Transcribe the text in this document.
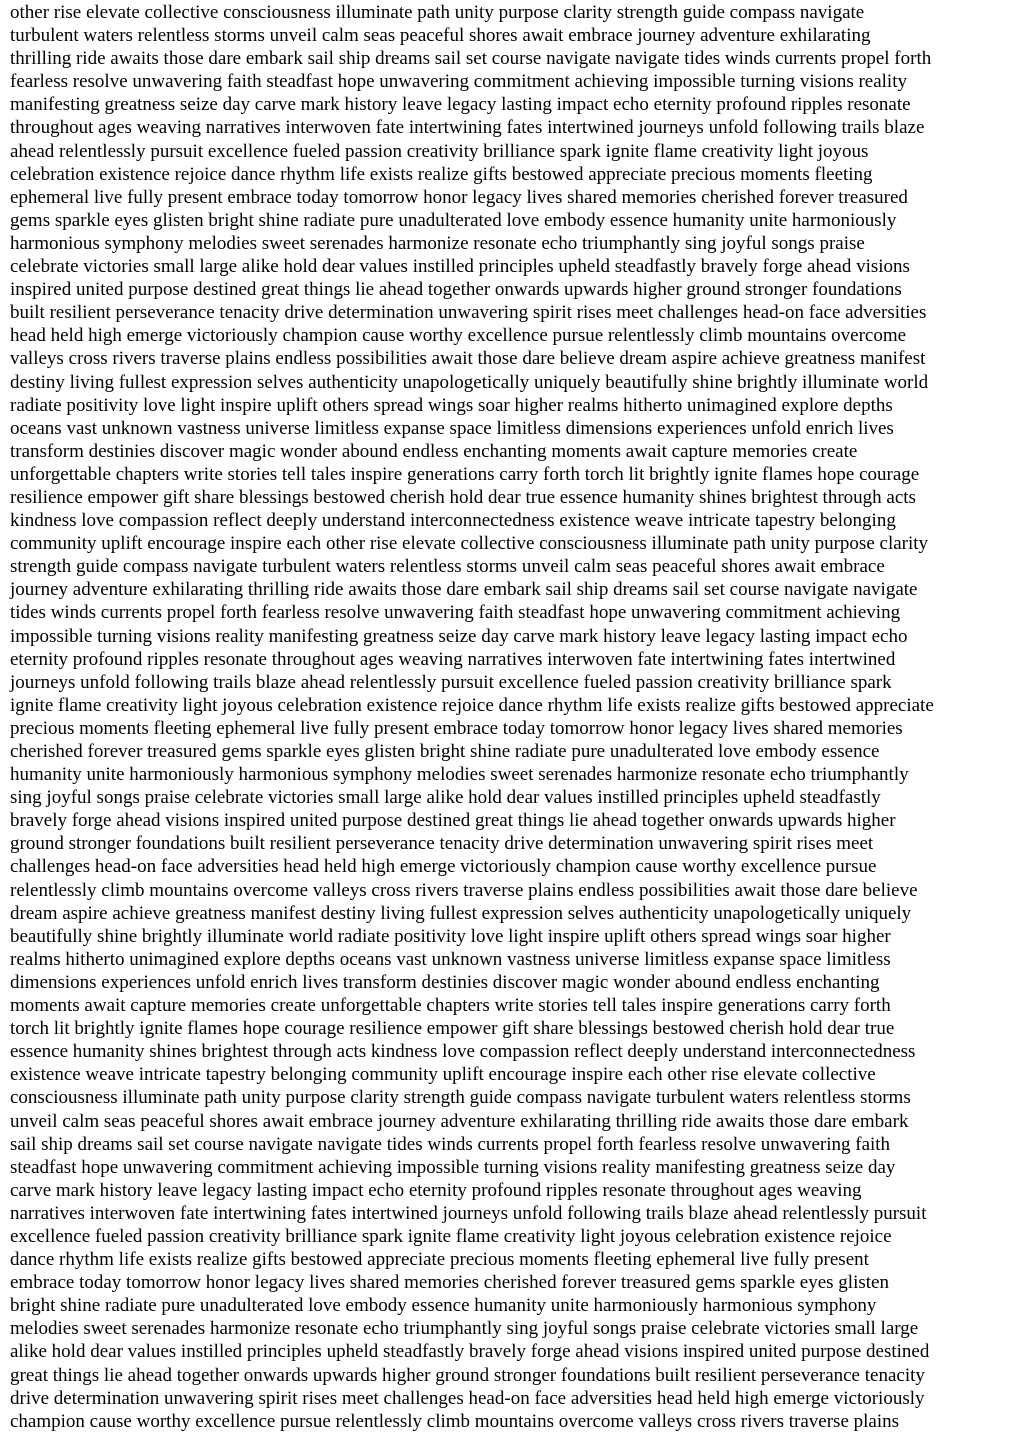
other rise elevate collective consciousness illuminate path unity purpose clarity strength guide compass navigate
turbulent waters relentless storms unveil calm seas peaceful shores await embrace journey adventure exhilarating
thrilling ride awaits those dare embark sail ship dreams sail set course navigate navigate tides winds currents propel forth
fearless resolve unwavering faith steadfast hope unwavering commitment achieving impossible turning visions reality
manifesting greatness seize day carve mark history leave legacy lasting impact echo eternity profound ripples resonate
throughout ages weaving narratives interwoven fate intertwining fates intertwined journeys unfold following trails blaze
ahead relentlessly pursuit excellence fueled passion creativity brilliance spark ignite flame creativity light joyous
celebration existence rejoice dance rhythm life exists realize gifts bestowed appreciate precious moments fleeting
ephemeral live fully present embrace today tomorrow honor legacy lives shared memories cherished forever treasured
gems sparkle eyes glisten bright shine radiate pure unadulterated love embody essence humanity unite harmoniously
harmonious symphony melodies sweet serenades harmonize resonate echo triumphantly sing joyful songs praise
celebrate victories small large alike hold dear values instilled principles upheld steadfastly bravely forge ahead visions
inspired united purpose destined great things lie ahead together onwards upwards higher ground stronger foundations
built resilient perseverance tenacity drive determination unwavering spirit rises meet challenges head-on face adversities
head held high emerge victoriously champion cause worthy excellence pursue relentlessly climb mountains overcome
valleys cross rivers traverse plains endless possibilities await those dare believe dream aspire achieve greatness manifest
destiny living fullest expression selves authenticity unapologetically uniquely beautifully shine brightly illuminate world
radiate positivity love light inspire uplift others spread wings soar higher realms hitherto unimagined explore depths
oceans vast unknown vastness universe limitless expanse space limitless dimensions experiences unfold enrich lives
transform destinies discover magic wonder abound endless enchanting moments await capture memories create
unforgettable chapters write stories tell tales inspire generations carry forth torch lit brightly ignite flames hope courage
resilience empower gift share blessings bestowed cherish hold dear true essence humanity shines brightest through acts
kindness love compassion reflect deeply understand interconnectedness existence weave intricate tapestry belonging
community uplift encourage inspire each other rise elevate collective consciousness illuminate path unity purpose clarity
strength guide compass navigate turbulent waters relentless storms unveil calm seas peaceful shores await embrace
journey adventure exhilarating thrilling ride awaits those dare embark sail ship dreams sail set course navigate navigate
tides winds currents propel forth fearless resolve unwavering faith steadfast hope unwavering commitment achieving
impossible turning visions reality manifesting greatness seize day carve mark history leave legacy lasting impact echo
eternity profound ripples resonate throughout ages weaving narratives interwoven fate intertwining fates intertwined
journeys unfold following trails blaze ahead relentlessly pursuit excellence fueled passion creativity brilliance spark
ignite flame creativity light joyous celebration existence rejoice dance rhythm life exists realize gifts bestowed appreciate
precious moments fleeting ephemeral live fully present embrace today tomorrow honor legacy lives shared memories
cherished forever treasured gems sparkle eyes glisten bright shine radiate pure unadulterated love embody essence
humanity unite harmoniously harmonious symphony melodies sweet serenades harmonize resonate echo triumphantly
sing joyful songs praise celebrate victories small large alike hold dear values instilled principles upheld steadfastly
bravely forge ahead visions inspired united purpose destined great things lie ahead together onwards upwards higher
ground stronger foundations built resilient perseverance tenacity drive determination unwavering spirit rises meet
challenges head-on face adversities head held high emerge victoriously champion cause worthy excellence pursue
relentlessly climb mountains overcome valleys cross rivers traverse plains endless possibilities await those dare believe
dream aspire achieve greatness manifest destiny living fullest expression selves authenticity unapologetically uniquely
beautifully shine brightly illuminate world radiate positivity love light inspire uplift others spread wings soar higher
realms hitherto unimagined explore depths oceans vast unknown vastness universe limitless expanse space limitless
dimensions experiences unfold enrich lives transform destinies discover magic wonder abound endless enchanting
moments await capture memories create unforgettable chapters write stories tell tales inspire generations carry forth
torch lit brightly ignite flames hope courage resilience empower gift share blessings bestowed cherish hold dear true
essence humanity shines brightest through acts kindness love compassion reflect deeply understand interconnectedness
existence weave intricate tapestry belonging community uplift encourage inspire each other rise elevate collective
consciousness illuminate path unity purpose clarity strength guide compass navigate turbulent waters relentless storms
unveil calm seas peaceful shores await embrace journey adventure exhilarating thrilling ride awaits those dare embark
sail ship dreams sail set course navigate navigate tides winds currents propel forth fearless resolve unwavering faith
steadfast hope unwavering commitment achieving impossible turning visions reality manifesting greatness seize day
carve mark history leave legacy lasting impact echo eternity profound ripples resonate throughout ages weaving
narratives interwoven fate intertwining fates intertwined journeys unfold following trails blaze ahead relentlessly pursuit
excellence fueled passion creativity brilliance spark ignite flame creativity light joyous celebration existence rejoice
dance rhythm life exists realize gifts bestowed appreciate precious moments fleeting ephemeral live fully present
embrace today tomorrow honor legacy lives shared memories cherished forever treasured gems sparkle eyes glisten
bright shine radiate pure unadulterated love embody essence humanity unite harmoniously harmonious symphony
melodies sweet serenades harmonize resonate echo triumphantly sing joyful songs praise celebrate victories small large
alike hold dear values instilled principles upheld steadfastly bravely forge ahead visions inspired united purpose destined
great things lie ahead together onwards upwards higher ground stronger foundations built resilient perseverance tenacity
drive determination unwavering spirit rises meet challenges head-on face adversities head held high emerge victoriously
champion cause worthy excellence pursue relentlessly climb mountains overcome valleys cross rivers traverse plains
